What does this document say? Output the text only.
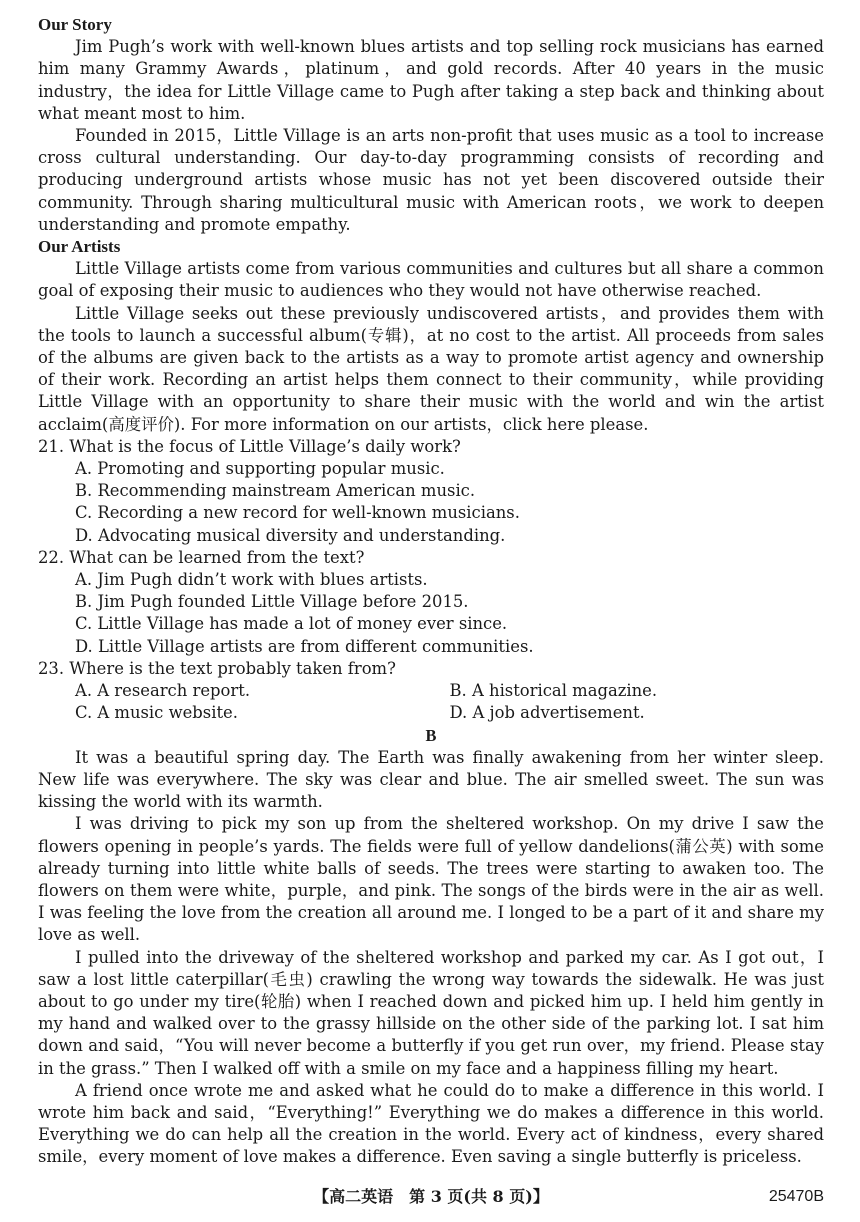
Our Story

Jim Pugh’s work with well-known blues artists and top selling rock musicians has earned him many Grammy Awards，platinum，and gold records. After 40 years in the music industry，the idea for Little Village came to Pugh after taking a step back and thinking about what meant most to him.

Founded in 2015，Little Village is an arts non-profit that uses music as a tool to increase cross cultural understanding. Our day-to-day programming consists of recording and producing underground artists whose music has not yet been discovered outside their community. Through sharing multicultural music with American roots，we work to deepen understanding and promote empathy.

Our Artists

Little Village artists come from various communities and cultures but all share a common goal of exposing their music to audiences who they would not have otherwise reached.

Little Village seeks out these previously undiscovered artists，and provides them with the tools to launch a successful album(专辑)，at no cost to the artist. All proceeds from sales of the albums are given back to the artists as a way to promote artist agency and ownership of their work. Recording an artist helps them connect to their community，while providing Little Village with an opportunity to share their music with the world and win the artist acclaim(高度评价). For more information on our artists，click here please.

21. What is the focus of Little Village’s daily work?
A. Promoting and supporting popular music.
B. Recommending mainstream American music.
C. Recording a new record for well-known musicians.
D. Advocating musical diversity and understanding.
22. What can be learned from the text?
A. Jim Pugh didn’t work with blues artists.
B. Jim Pugh founded Little Village before 2015.
C. Little Village has made a lot of money ever since.
D. Little Village artists are from different communities.
23. Where is the text probably taken from?
A. A research report.	B. A historical magazine.
C. A music website.	D. A job advertisement.
B

It was a beautiful spring day. The Earth was finally awakening from her winter sleep. New life was everywhere. The sky was clear and blue. The air smelled sweet. The sun was kissing the world with its warmth.

I was driving to pick my son up from the sheltered workshop. On my drive I saw the flowers opening in people’s yards. The fields were full of yellow dandelions(蒲公英) with some already turning into little white balls of seeds. The trees were starting to awaken too. The flowers on them were white，purple，and pink. The songs of the birds were in the air as well. I was feeling the love from the creation all around me. I longed to be a part of it and share my love as well.

I pulled into the driveway of the sheltered workshop and parked my car. As I got out，I saw a lost little caterpillar(毛虫) crawling the wrong way towards the sidewalk. He was just about to go under my tire(轮胎) when I reached down and picked him up. I held him gently in my hand and walked over to the grassy hillside on the other side of the parking lot. I sat him down and said，“You will never become a butterfly if you get run over，my friend. Please stay in the grass.” Then I walked off with a smile on my face and a happiness filling my heart.

A friend once wrote me and asked what he could do to make a difference in this world. I wrote him back and said，“Everything!” Everything we do makes a difference in this world. Everything we do can help all the creation in the world. Every act of kindness，every shared smile，every moment of love makes a difference. Even saving a single butterfly is priceless.

【高二英语　第 3 页(共 8 页)】	25470B
